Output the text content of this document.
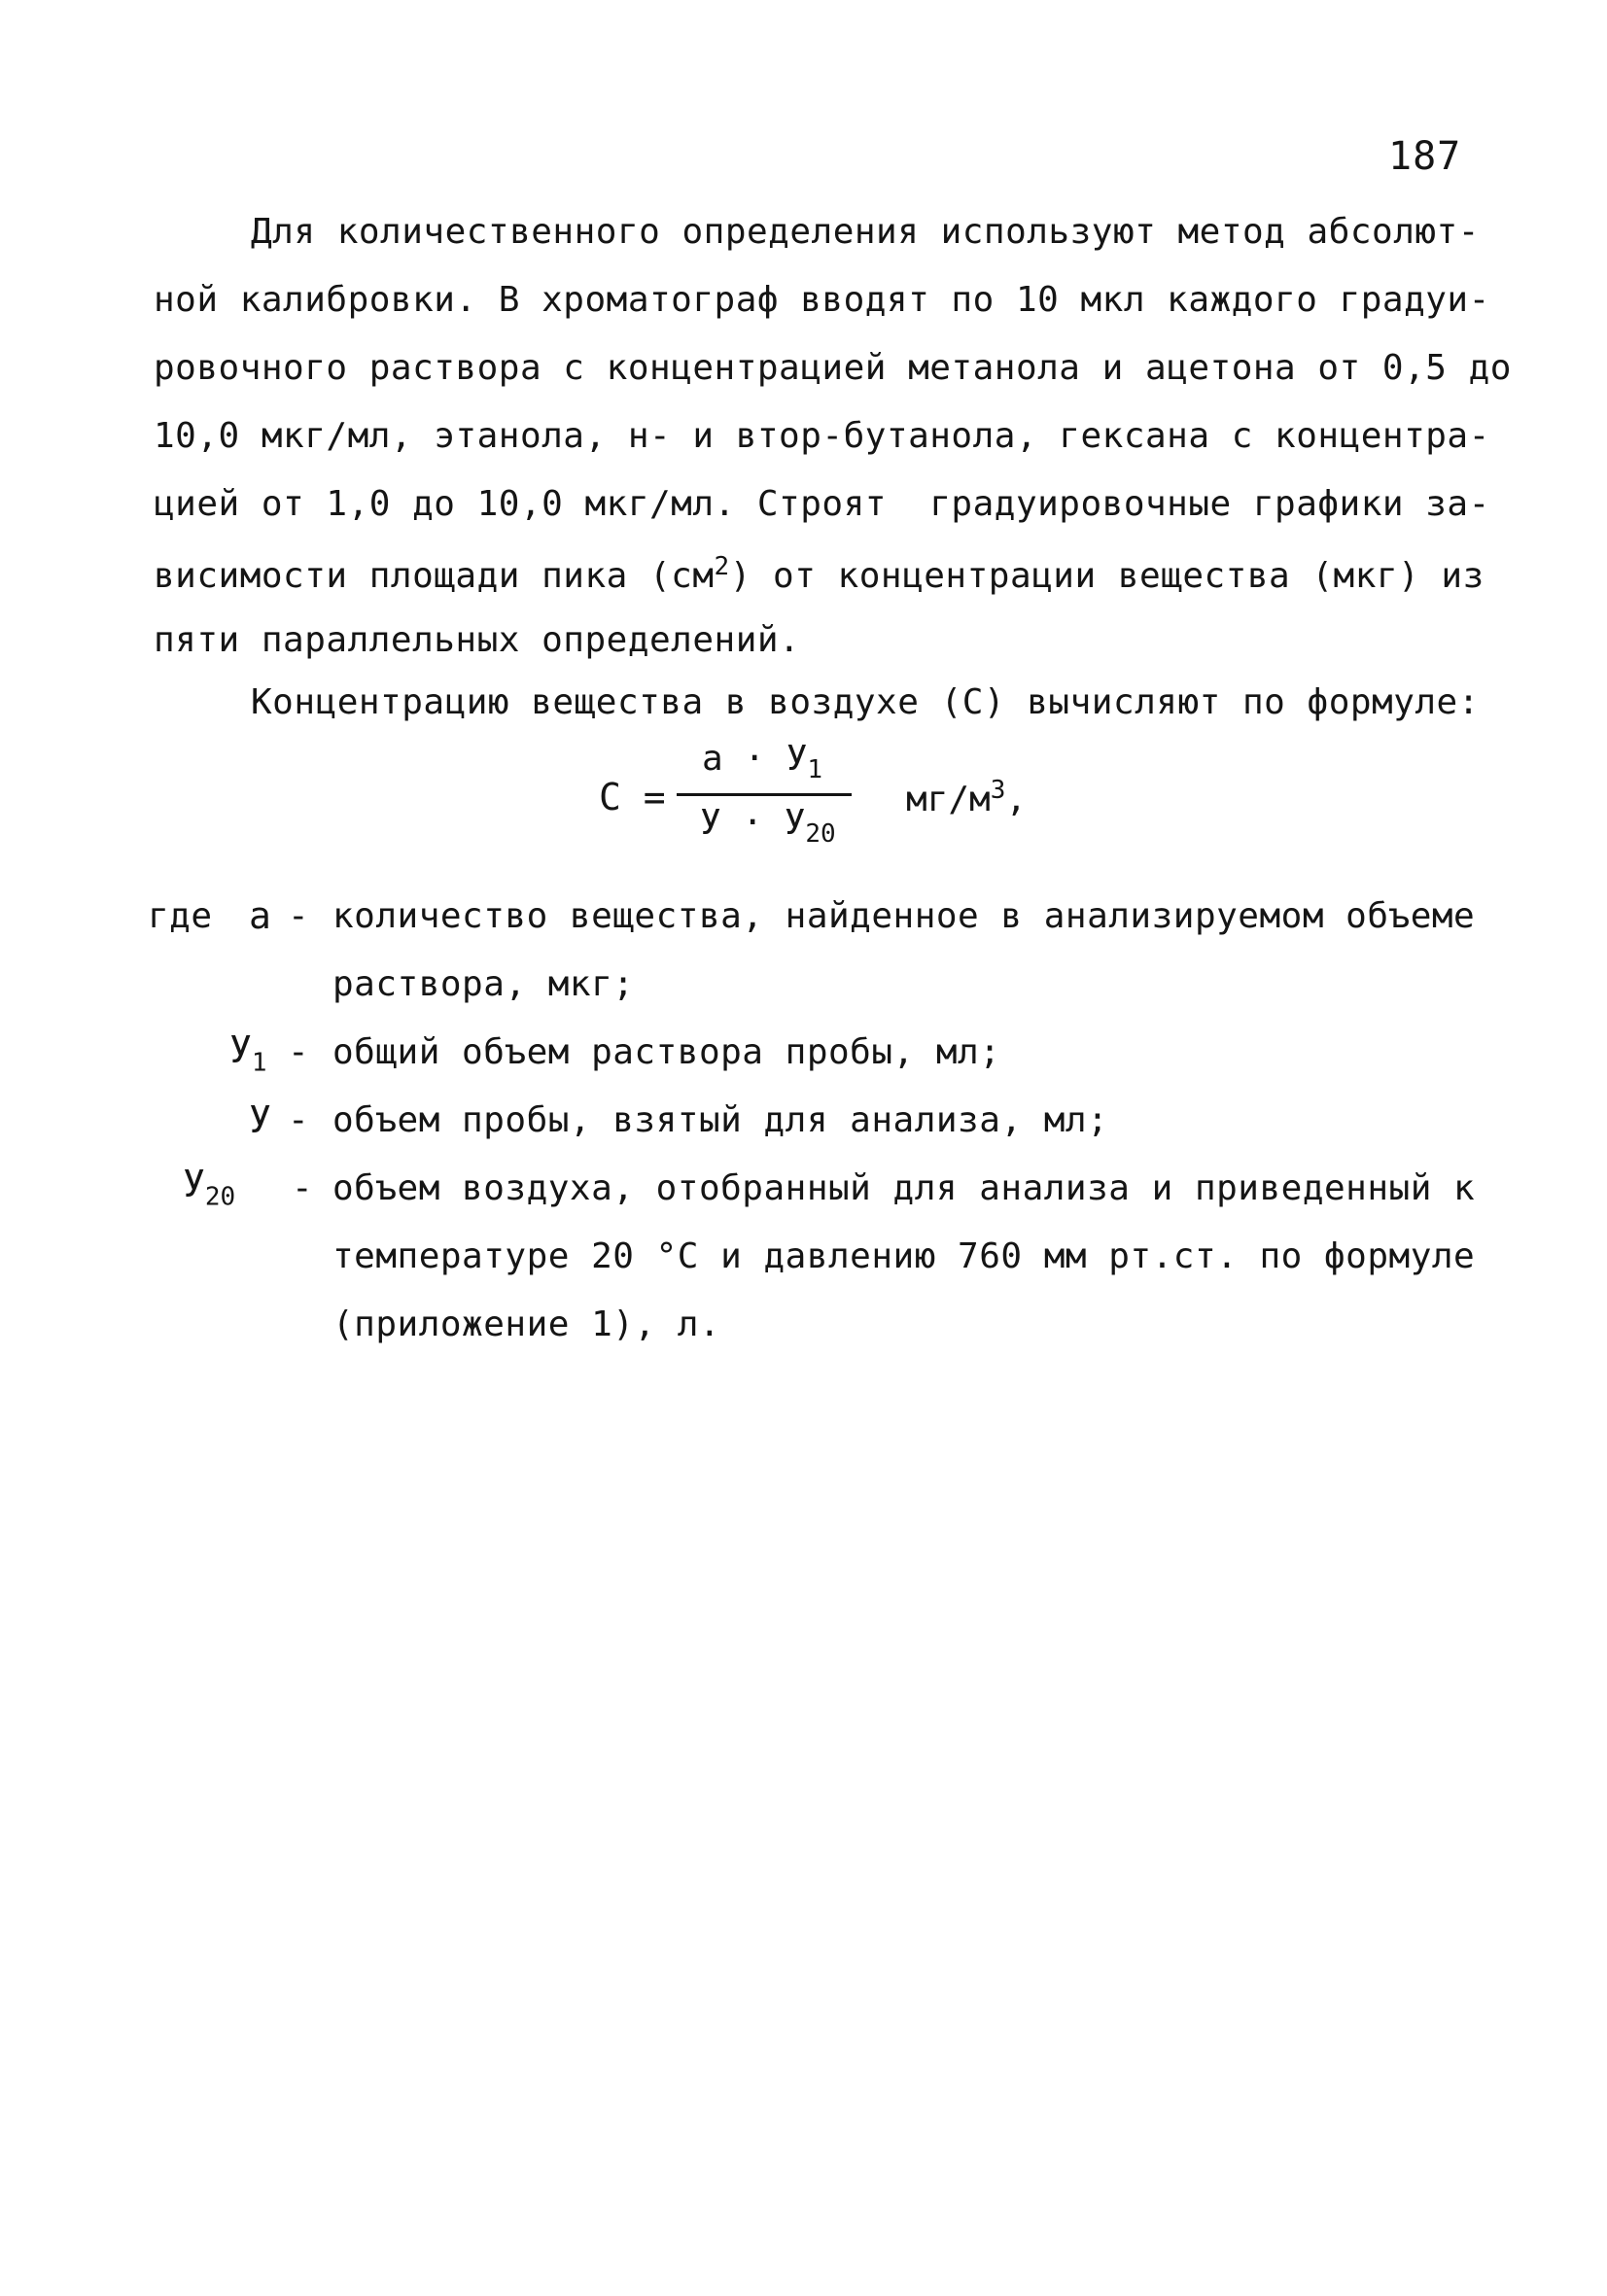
187
Для количественного определения используют метод абсолют-
ной калибровки. В хроматограф вводят по 10 мкл каждого градуи-
ровочного раствора с концентрацией метанола и ацетона от 0,5 до
10,0 мкг/мл, этанола, н- и втор-бутанола, гексана с концентра-
цией от 1,0 до 10,0 мкг/мл. Строят  градуировочные графики за-
висимости площади пика $(см^2)$ от концентрации вещества (мкг) из
пяти параллельных определений.
Концентрацию вещества в воздухе (С) вычисляют по формуле:
С =
$a \cdot У_1$
$У \cdot У_{20}$
$мг/м^3$,
где а - количество вещества, найденное в анализируемом объеме
раствора, мкг;
$У_1$ - общий объем раствора пробы, мл;
У - объем пробы, взятый для анализа, мл;
$У_{20}$ - объем воздуха, отобранный для анализа и приведенный к
температуре 20 °С и давлению 760 мм рт.ст. по формуле
(приложение 1), л.
